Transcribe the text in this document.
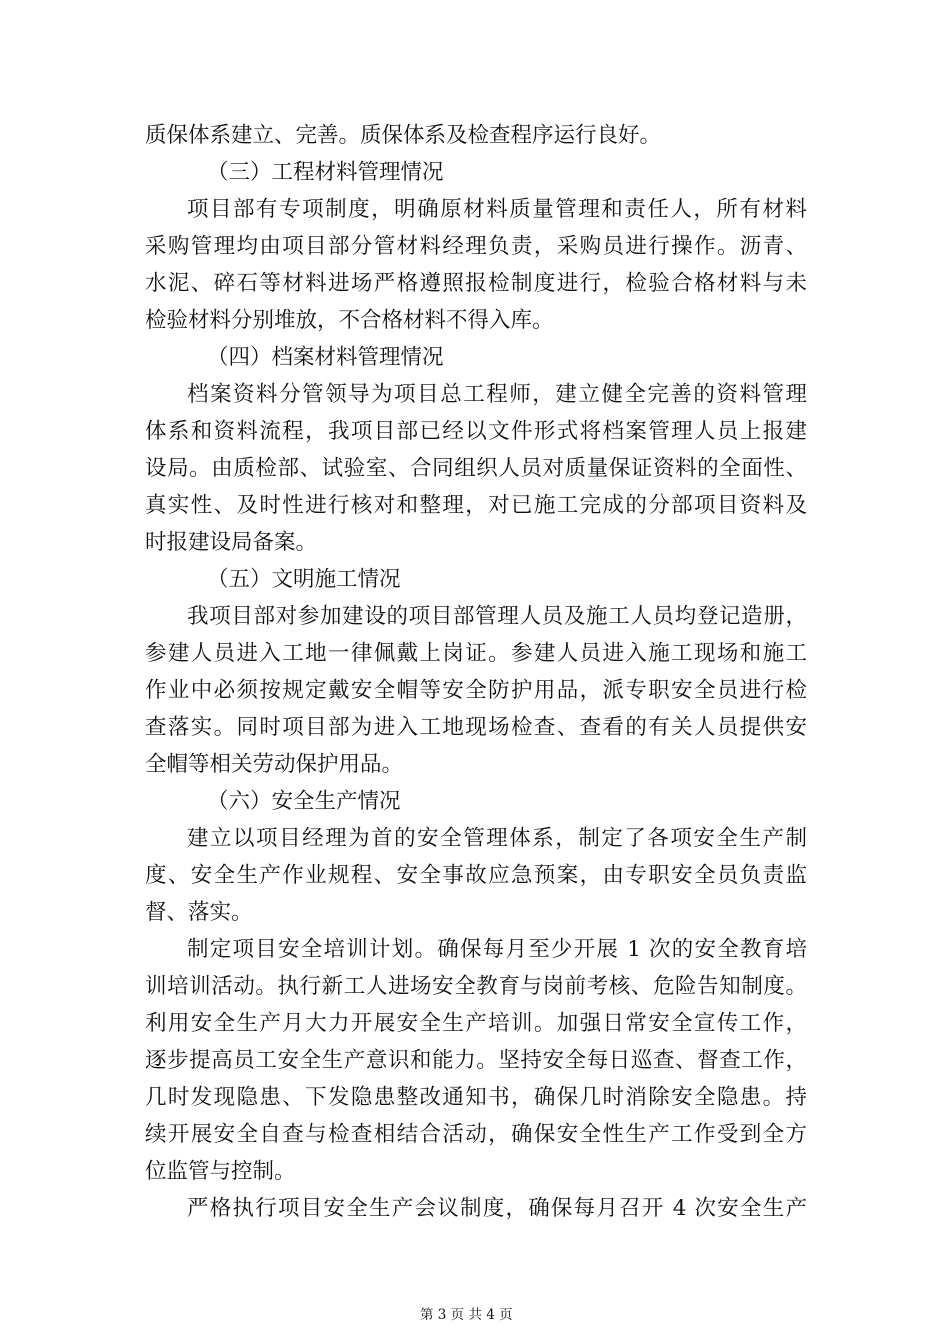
质保体系建立、完善。质保体系及检查程序运行良好。
（三）工程材料管理情况
项目部有专项制度，明确原材料质量管理和责任人，所有材料
采购管理均由项目部分管材料经理负责，采购员进行操作。沥青、
水泥、碎石等材料进场严格遵照报检制度进行，检验合格材料与未
检验材料分别堆放，不合格材料不得入库。
（四）档案材料管理情况
档案资料分管领导为项目总工程师，建立健全完善的资料管理
体系和资料流程，我项目部已经以文件形式将档案管理人员上报建
设局。由质检部、试验室、合同组织人员对质量保证资料的全面性、
真实性、及时性进行核对和整理，对已施工完成的分部项目资料及
时报建设局备案。
（五）文明施工情况
我项目部对参加建设的项目部管理人员及施工人员均登记造册，
参建人员进入工地一律佩戴上岗证。参建人员进入施工现场和施工
作业中必须按规定戴安全帽等安全防护用品，派专职安全员进行检
查落实。同时项目部为进入工地现场检查、查看的有关人员提供安
全帽等相关劳动保护用品。
（六）安全生产情况
建立以项目经理为首的安全管理体系，制定了各项安全生产制
度、安全生产作业规程、安全事故应急预案，由专职安全员负责监
督、落实。
制定项目安全培训计划。确保每月至少开展 1 次的安全教育培
训培训活动。执行新工人进场安全教育与岗前考核、危险告知制度。
利用安全生产月大力开展安全生产培训。加强日常安全宣传工作，
逐步提高员工安全生产意识和能力。坚持安全每日巡查、督查工作，
几时发现隐患、下发隐患整改通知书，确保几时消除安全隐患。持
续开展安全自查与检查相结合活动，确保安全性生产工作受到全方
位监管与控制。
严格执行项目安全生产会议制度，确保每月召开 4 次安全生产
第 3 页 共 4 页
